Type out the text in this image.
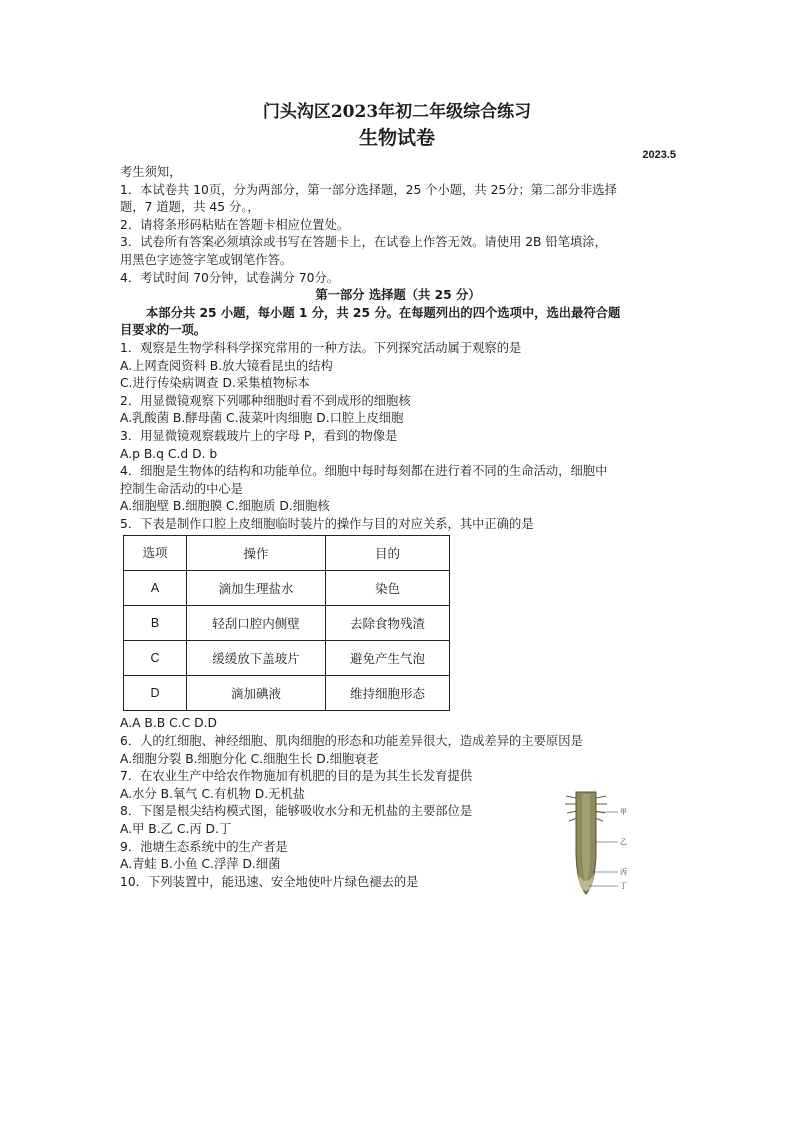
门头沟区2023年初二年级综合练习
生物试卷
2023.5
考生须知，
1．本试卷共 10页，分为两部分，第一部分选择题，25 个小题，共 25分；第二部分非选择
题，7 道题，共 45 分。，
2．请将条形码粘贴在答题卡相应位置处。
3．试卷所有答案必须填涂或书写在答题卡上，在试卷上作答无效。请使用 2B 铅笔填涂，
用黑色字迹签字笔或钢笔作答。
4．考试时间 70分钟，试卷满分 70分。
第一部分 选择题（共 25 分）
本部分共 25 小题，每小题 1 分，共 25 分。在每题列出的四个选项中，选出最符合题
目要求的一项。
1．观察是生物学科科学探究常用的一种方法。下列探究活动属于观察的是
A.上网查阅资料 B.放大镜看昆虫的结构
C.进行传染病调查 D.采集植物标本
2．用显微镜观察下列哪种细胞时看不到成形的细胞核
A.乳酸菌 B.酵母菌 C.菠菜叶肉细胞 D.口腔上皮细胞
3．用显微镜观察载玻片上的字母 P，看到的物像是
A.p B.q C.d D. b
4．细胞是生物体的结构和功能单位。细胞中每时每刻都在进行着不同的生命活动，细胞中
控制生命活动的中心是
A.细胞壁 B.细胞膜 C.细胞质 D.细胞核
5．下表是制作口腔上皮细胞临时装片的操作与目的对应关系，其中正确的是
选项	操作	目的
A	滴加生理盐水	染色
B	轻刮口腔内侧壁	去除食物残渣
C	缓缓放下盖玻片	避免产生气泡
D	滴加碘液	维持细胞形态
A.A B.B C.C D.D
6．人的红细胞、神经细胞、肌肉细胞的形态和功能差异很大，造成差异的主要原因是
A.细胞分裂 B.细胞分化 C.细胞生长 D.细胞衰老
7．在农业生产中给农作物施加有机肥的目的是为其生长发育提供
A.水分 B.氧气 C.有机物 D.无机盐
8．下图是根尖结构模式图，能够吸收水分和无机盐的主要部位是
A.甲 B.乙 C.丙 D.丁
9．池塘生态系统中的生产者是
A.青蛙 B.小鱼 C.浮萍 D.细菌
10．下列装置中，能迅速、安全地使叶片绿色褪去的是
甲
乙
丙
丁
